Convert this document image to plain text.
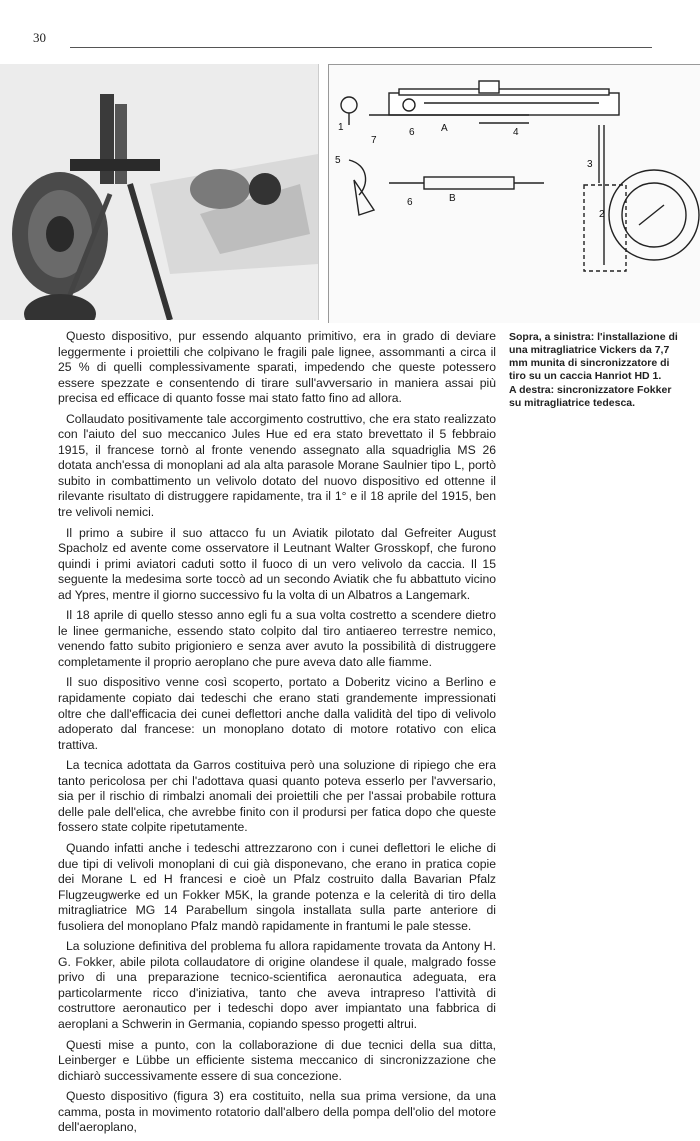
30
1
7
6	A	4
5
6	B
3
2

Sopra, a sinistra: l'installazione di una mitragliatrice Vickers da 7,7 mm munita di sincronizzatore di tiro su un caccia Hanriot HD 1.

A destra: sincronizzatore Fokker su mitragliatrice tedesca.

Questo dispositivo, pur essendo alquanto primitivo, era in grado di deviare leggermente i proiettili che colpivano le fragili pale lignee, assommanti a circa il 25 % di quelli complessivamente sparati, impedendo che queste potessero essere spezzate e consentendo di tirare sull'avversario in maniera assai più precisa ed efficace di quanto fosse mai stato fatto fino ad allora.

Collaudato positivamente tale accorgimento costruttivo, che era stato realizzato con l'aiuto del suo meccanico Jules Hue ed era stato brevettato il 5 febbraio 1915, il francese tornò al fronte venendo assegnato alla squadriglia MS 26 dotata anch'essa di monoplani ad ala alta parasole Morane Saulnier tipo L, portò subito in combattimento un velivolo dotato del nuovo dispositivo ed ottenne il rilevante risultato di distruggere rapidamente, tra il 1° e il 18 aprile del 1915, ben tre velivoli nemici.

Il primo a subire il suo attacco fu un Aviatik pilotato dal Gefreiter August Spacholz ed avente come osservatore il Leutnant Walter Grosskopf, che furono quindi i primi aviatori caduti sotto il fuoco di un vero velivolo da caccia. Il 15 seguente la medesima sorte toccò ad un secondo Aviatik che fu abbattuto vicino ad Ypres, mentre il giorno successivo fu la volta di un Albatros a Langemark.

Il 18 aprile di quello stesso anno egli fu a sua volta costretto a scendere dietro le linee germaniche, essendo stato colpito dal tiro antiaereo terrestre nemico, venendo fatto subito prigioniero e senza aver avuto la possibilità di distruggere completamente il proprio aeroplano che pure aveva dato alle fiamme.

Il suo dispositivo venne così scoperto, portato a Doberitz vicino a Berlino e rapidamente copiato dai tedeschi che erano stati grandemente impressionati oltre che dall'efficacia dei cunei deflettori anche dalla validità del tipo di velivolo adoperato dal francese: un monoplano dotato di motore rotativo con elica trattiva.

La tecnica adottata da Garros costituiva però una soluzione di ripiego che era tanto pericolosa per chi l'adottava quasi quanto poteva esserlo per l'avversario, sia per il rischio di rimbalzi anomali dei proiettili che per l'assai probabile rottura delle pale dell'elica, che avrebbe finito con il prodursi per fatica dopo che queste fossero state colpite ripetutamente.

Quando infatti anche i tedeschi attrezzarono con i cunei deflettori le eliche di due tipi di velivoli monoplani di cui già disponevano, che erano in pratica copie dei Morane L ed H francesi e cioè un Pfalz costruito dalla Bavarian Pfalz Flugzeugwerke ed un Fokker M5K, la grande potenza e la celerità di tiro della mitragliatrice MG 14 Parabellum singola installata sulla parte anteriore di fusoliera del monoplano Pfalz mandò rapidamente in frantumi le pale stesse.

La soluzione definitiva del problema fu allora rapidamente trovata da Antony H. G. Fokker, abile pilota collaudatore di origine olandese il quale, malgrado fosse privo di una preparazione tecnico-scientifica aeronautica adeguata, era particolarmente ricco d'iniziativa, tanto che aveva intrapreso l'attività di costruttore aeronautico per i tedeschi dopo aver impiantato una fabbrica di aeroplani a Schwerin in Germania, copiando spesso progetti altrui.

Questi mise a punto, con la collaborazione di due tecnici della sua ditta, Leinberger e Lübbe un efficiente sistema meccanico di sincronizzazione che dichiarò successivamente essere di sua concezione.

Questo dispositivo (figura 3) era costituito, nella sua prima versione, da una camma, posta in movimento rotatorio dall'albero della pompa dell'olio del motore dell'aeroplano,
